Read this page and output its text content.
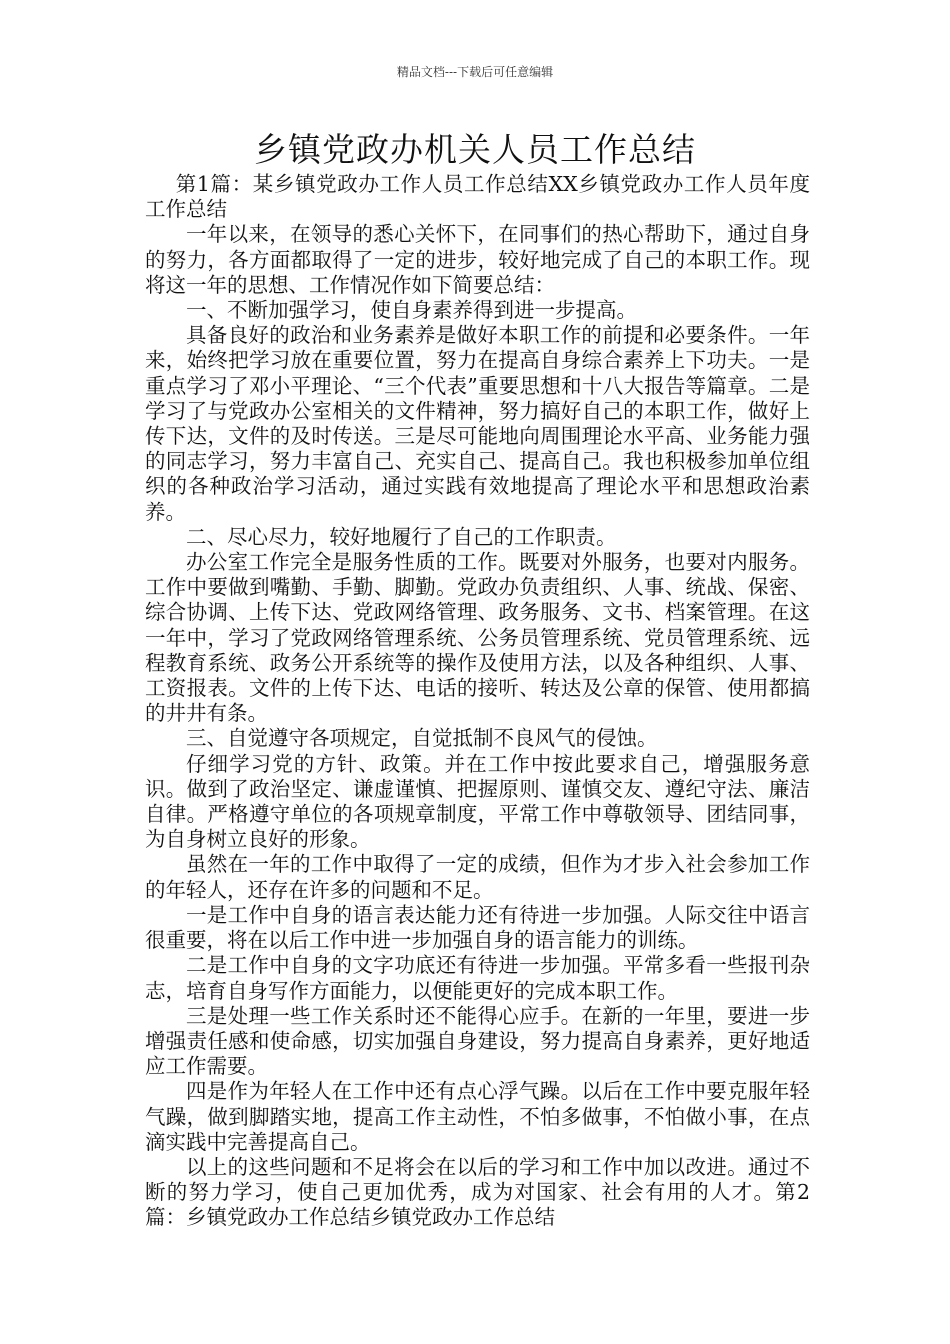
精品文档---下载后可任意编辑
乡镇党政办机关人员工作总结

第1篇：某乡镇党政办工作人员工作总结XX乡镇党政办工作人员年度工作总结

一年以来，在领导的悉心关怀下，在同事们的热心帮助下，通过自身的努力，各方面都取得了一定的进步，较好地完成了自己的本职工作。现将这一年的思想、工作情况作如下简要总结：

一、不断加强学习，使自身素养得到进一步提高。

具备良好的政治和业务素养是做好本职工作的前提和必要条件。一年来，始终把学习放在重要位置，努力在提高自身综合素养上下功夫。一是重点学习了邓小平理论、“三个代表”重要思想和十八大报告等篇章。二是学习了与党政办公室相关的文件精神，努力搞好自己的本职工作，做好上传下达，文件的及时传送。三是尽可能地向周围理论水平高、业务能力强的同志学习，努力丰富自己、充实自己、提高自己。我也积极参加单位组织的各种政治学习活动，通过实践有效地提高了理论水平和思想政治素养。

二、尽心尽力，较好地履行了自己的工作职责。

办公室工作完全是服务性质的工作。既要对外服务，也要对内服务。工作中要做到嘴勤、手勤、脚勤。党政办负责组织、人事、统战、保密、综合协调、上传下达、党政网络管理、政务服务、文书、档案管理。在这一年中，学习了党政网络管理系统、公务员管理系统、党员管理系统、远程教育系统、政务公开系统等的操作及使用方法，以及各种组织、人事、工资报表。文件的上传下达、电话的接听、转达及公章的保管、使用都搞的井井有条。

三、自觉遵守各项规定，自觉抵制不良风气的侵蚀。

仔细学习党的方针、政策。并在工作中按此要求自己，增强服务意识。做到了政治坚定、谦虚谨慎、把握原则、谨慎交友、遵纪守法、廉洁自律。严格遵守单位的各项规章制度，平常工作中尊敬领导、团结同事，为自身树立良好的形象。

虽然在一年的工作中取得了一定的成绩，但作为才步入社会参加工作的年轻人，还存在许多的问题和不足。

一是工作中自身的语言表达能力还有待进一步加强。人际交往中语言很重要，将在以后工作中进一步加强自身的语言能力的训练。

二是工作中自身的文字功底还有待进一步加强。平常多看一些报刊杂志，培育自身写作方面能力，以便能更好的完成本职工作。

三是处理一些工作关系时还不能得心应手。在新的一年里，要进一步增强责任感和使命感，切实加强自身建设，努力提高自身素养，更好地适应工作需要。

四是作为年轻人在工作中还有点心浮气躁。以后在工作中要克服年轻气躁，做到脚踏实地，提高工作主动性，不怕多做事，不怕做小事，在点滴实践中完善提高自己。

以上的这些问题和不足将会在以后的学习和工作中加以改进。通过不断的努力学习，使自己更加优秀，成为对国家、社会有用的人才。第2篇：乡镇党政办工作总结乡镇党政办工作总结
